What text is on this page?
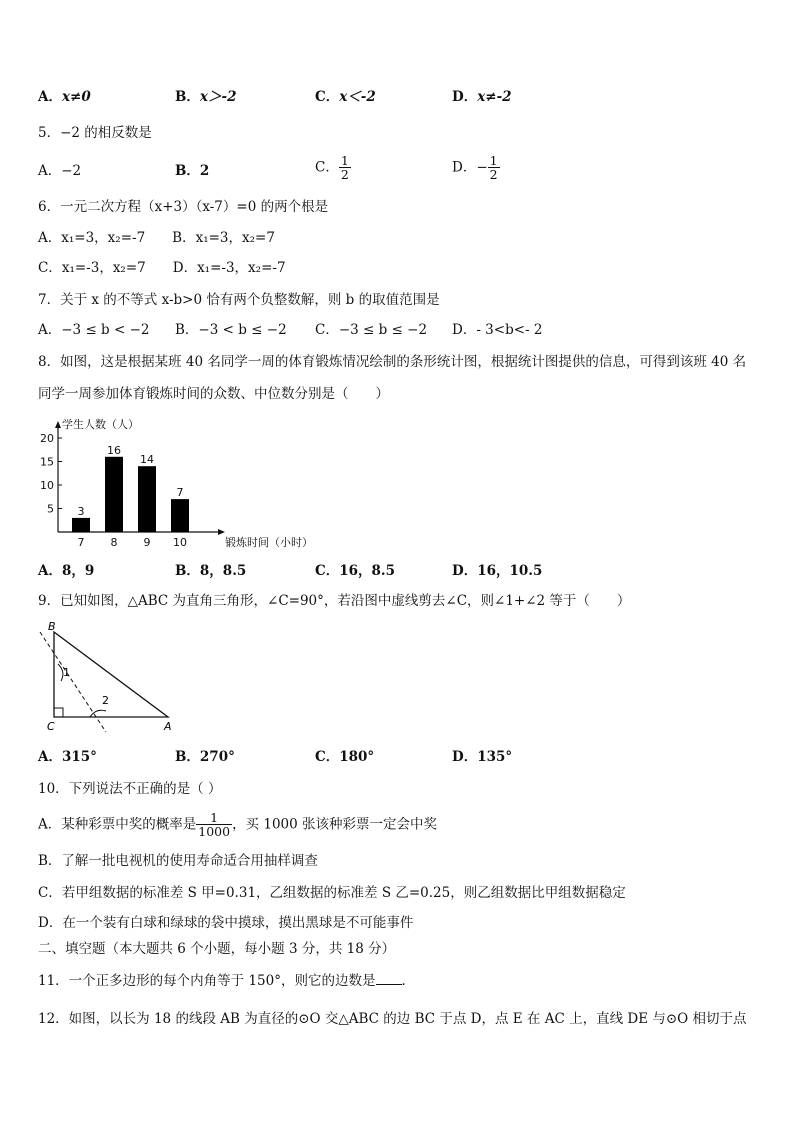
A．x≠0	B．x＞-2	C．x＜-2	D．x≠-2
5．−2 的相反数是
A．−2	B．2	C． $\frac{1}{2}$	D．− $\frac{1}{2}$
6．一元二次方程（x+3）（x-7）=0 的两个根是
A．x₁=3，x₂=-7　　B．x₁=3，x₂=7
C．x₁=-3，x₂=7　　D．x₁=-3，x₂=-7
7．关于 x 的不等式 x-b>0 恰有两个负整数解，则 b 的取值范围是
A．−3 ≤ b < −2 B．−3 < b ≤ −2 C．−3 ≤ b ≤ −2 D．- 3<b<- 2
8．如图，这是根据某班 40 名同学一周的体育锻炼情况绘制的条形统计图，根据统计图提供的信息，可得到该班 40 名
同学一周参加体育锻炼时间的众数、中位数分别是（　　）
5
10
15
20
学生人数（人）
锻炼时间（小时）
3
7
16
8
14
9
7
10
A．8，9	B．8，8.5	C．16，8.5	D．16，10.5
9．已知如图，△ABC 为直角三角形，∠C=90°，若沿图中虚线剪去∠C，则∠1+∠2 等于（　　）
B
C	A
1
2
A．315°	B．270°	C．180°	D．135°
10．下列说法不正确的是（ ）
A．某种彩票中奖的概率是 $\frac{1}{1000}$ ，买 1000 张该种彩票一定会中奖
B．了解一批电视机的使用寿命适合用抽样调查
C．若甲组数据的标准差 S 甲=0.31，乙组数据的标准差 S 乙=0.25，则乙组数据比甲组数据稳定
D．在一个装有白球和绿球的袋中摸球，摸出黑球是不可能事件
二、填空题（本大题共 6 个小题，每小题 3 分，共 18 分）
11．一个正多边形的每个内角等于 150°，则它的边数是 ．
12．如图，以长为 18 的线段 AB 为直径的⊙O 交△ABC 的边 BC 于点 D，点 E 在 AC 上，直线 DE 与⊙O 相切于点
